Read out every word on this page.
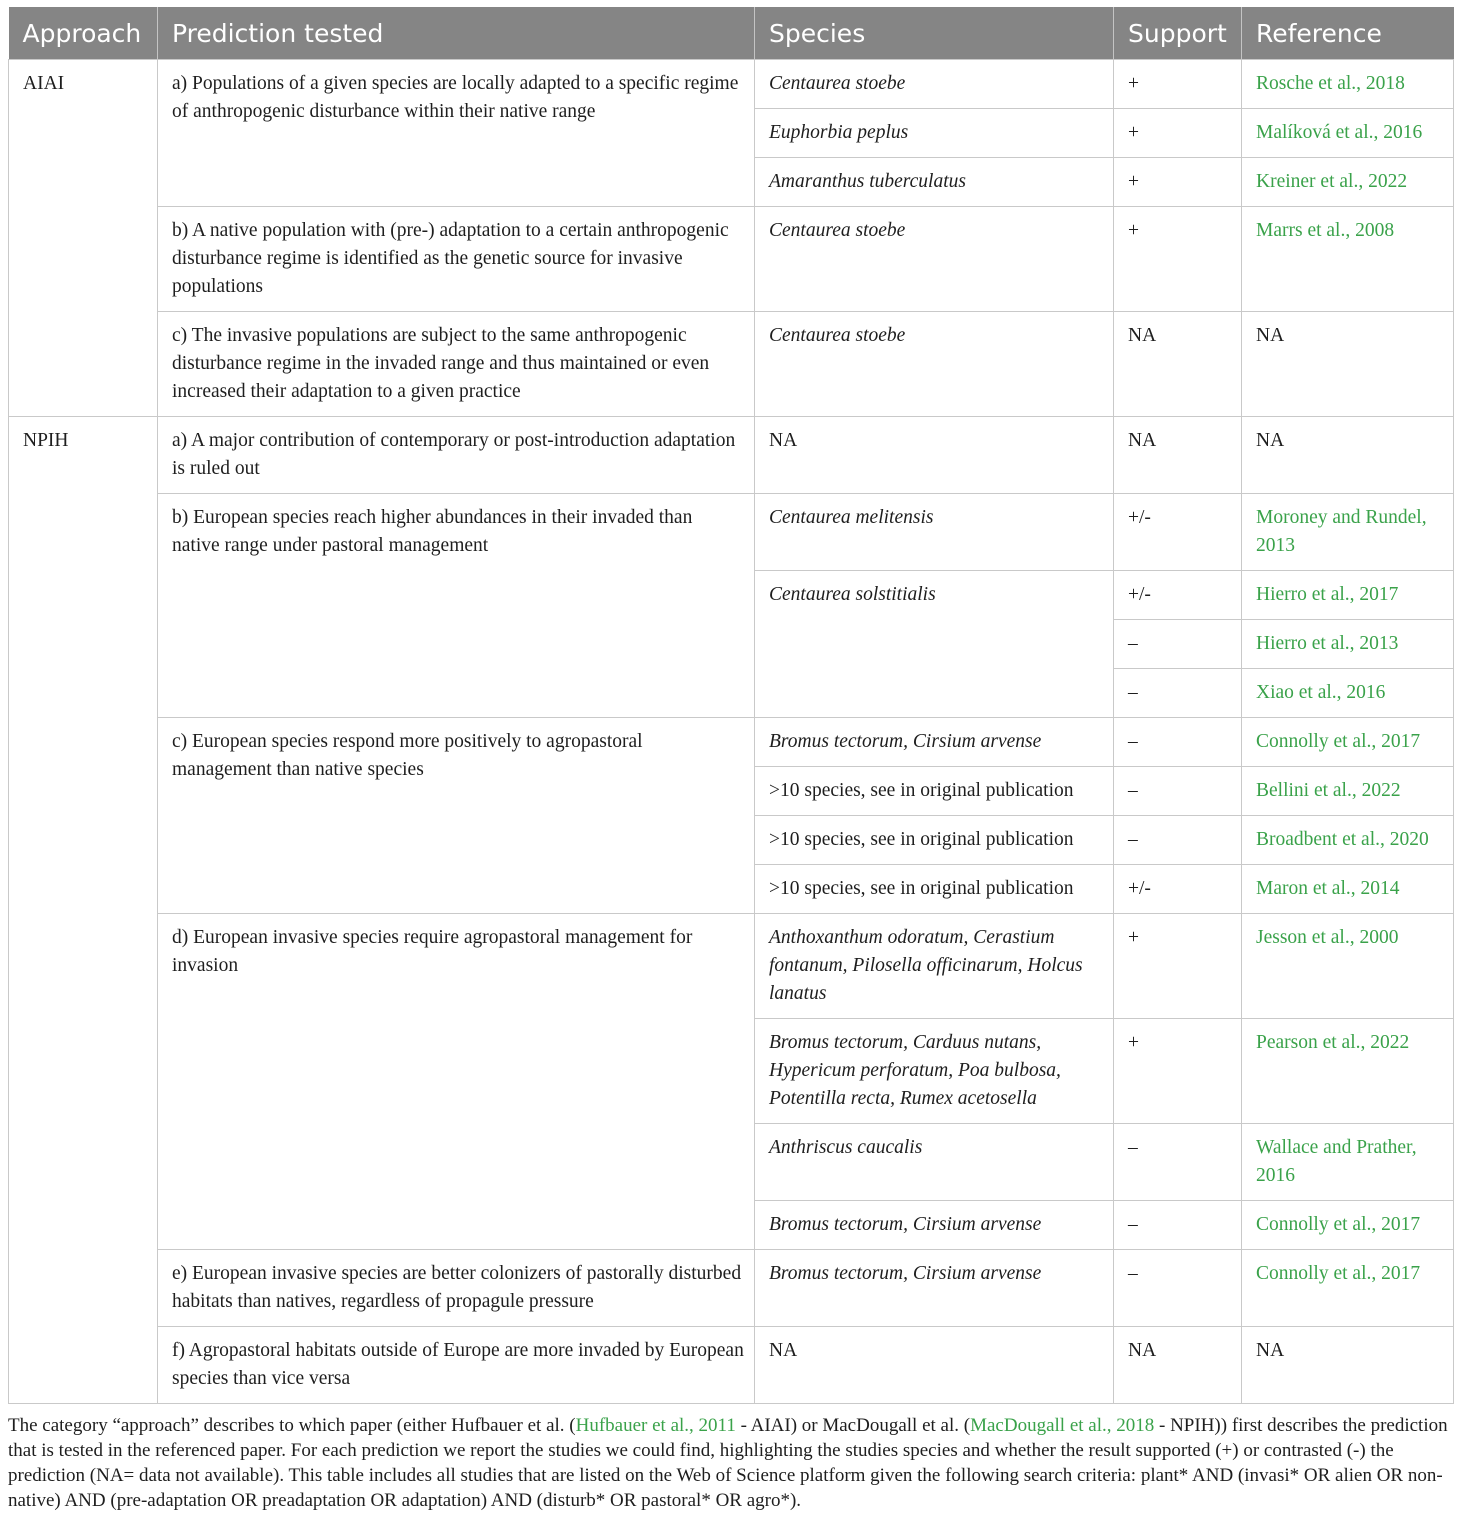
Approach	Prediction tested	Species	Support	Reference
AIAI	a) Populations of a given species are locally adapted to a specific regime of anthropogenic disturbance within their native range	Centaurea stoebe	+	Rosche et al., 2018
		Euphorbia peplus	+	Malíková et al., 2016
		Amaranthus tuberculatus	+	Kreiner et al., 2022
	b) A native population with (pre-) adaptation to a certain anthropogenic disturbance regime is identified as the genetic source for invasive populations	Centaurea stoebe	+	Marrs et al., 2008
	c) The invasive populations are subject to the same anthropogenic disturbance regime in the invaded range and thus maintained or even increased their adaptation to a given practice	Centaurea stoebe	NA	NA
NPIH	a) A major contribution of contemporary or post-introduction adaptation is ruled out	NA	NA	NA
	b) European species reach higher abundances in their invaded than native range under pastoral management	Centaurea melitensis	+/-	Moroney and Rundel, 2013
		Centaurea solstitialis	+/-	Hierro et al., 2017
			–	Hierro et al., 2013
			–	Xiao et al., 2016
	c) European species respond more positively to agropastoral management than native species	Bromus tectorum, Cirsium arvense	–	Connolly et al., 2017
		>10 species, see in original publication	–	Bellini et al., 2022
		>10 species, see in original publication	–	Broadbent et al., 2020
		>10 species, see in original publication	+/-	Maron et al., 2014
	d) European invasive species require agropastoral management for invasion	Anthoxanthum odoratum, Cerastium fontanum, Pilosella officinarum, Holcus lanatus	+	Jesson et al., 2000
		Bromus tectorum, Carduus nutans, Hypericum perforatum, Poa bulbosa, Potentilla recta, Rumex acetosella	+	Pearson et al., 2022
		Anthriscus caucalis	–	Wallace and Prather, 2016
		Bromus tectorum, Cirsium arvense	–	Connolly et al., 2017
	e) European invasive species are better colonizers of pastorally disturbed habitats than natives, regardless of propagule pressure	Bromus tectorum, Cirsium arvense	–	Connolly et al., 2017
	f) Agropastoral habitats outside of Europe are more invaded by European species than vice versa	NA	NA	NA
The category “approach” describes to which paper (either Hufbauer et al. (Hufbauer et al., 2011 - AIAI) or MacDougall et al. (MacDougall et al., 2018 - NPIH)) first describes the prediction that is tested in the referenced paper. For each prediction we report the studies we could find, highlighting the studies species and whether the result supported (+) or contrasted (-) the prediction (NA= data not available). This table includes all studies that are listed on the Web of Science platform given the following search criteria: plant* AND (invasi* OR alien OR non-native) AND (pre-adaptation OR preadaptation OR adaptation) AND (disturb* OR pastoral* OR agro*).
